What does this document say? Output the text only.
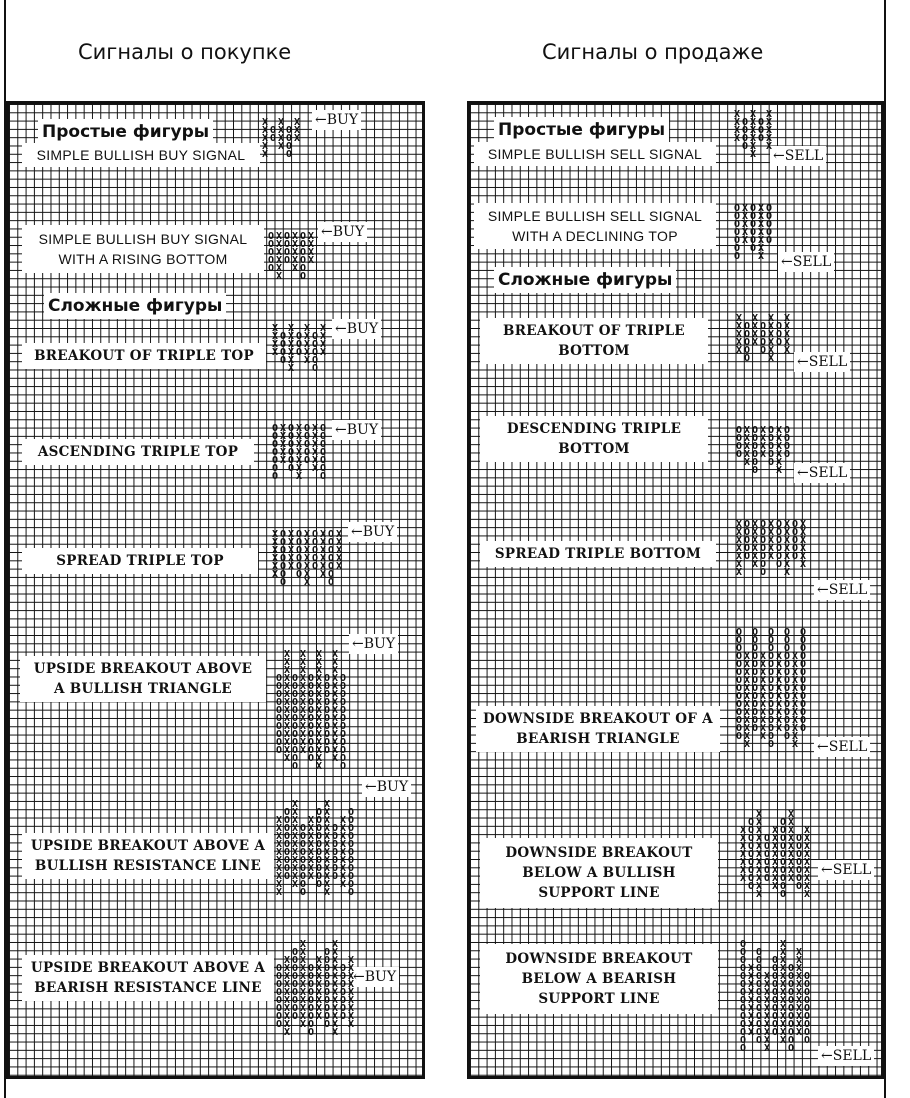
Сигналы о покупке	Сигналы о продаже
Простые фигуры
SIMPLE BULLISH BUY SIGNAL
SIMPLE BULLISH BUY SIGNAL
WITH A RISING BOTTOM
Сложные фигуры
BREAKOUT OF TRIPLE TOP
ASCENDING TRIPLE TOP
SPREAD TRIPLE TOP
UPSIDE BREAKOUT ABOVE
A BULLISH TRIANGLE
UPSIDE BREAKOUT ABOVE A
BULLISH RESISTANCE LINE
UPSIDE BREAKOUT ABOVE A
BEARISH RESISTANCE LINE
←BUY
←BUY
←BUY
←BUY
←BUY
←BUY
←BUY
←BUY
Простые фигуры
SIMPLE BULLISH SELL SIGNAL
SIMPLE BULLISH SELL SIGNAL
WITH A DECLINING TOP
Сложные фигуры
BREAKOUT OF TRIPLE
BOTTOM
DESCENDING TRIPLE
BOTTOM
SPREAD TRIPLE BOTTOM
DOWNSIDE BREAKOUT OF A
BEARISH TRIANGLE
DOWNSIDE BREAKOUT
BELOW A BULLISH
SUPPORT LINE
DOWNSIDE BREAKOUT
BELOW A BEARISH
SUPPORT LINE
←SELL
←SELL
←SELL
←SELL
←SELL
←SELL
←SELL
←SELL
X
X
X
X
X
O
O
X
X
X
X
O
O
O
O
X
X
X
O
O
O
O
O
X
X
X
X
X
X
O
O
O
O
X
X
X
X
X
O
O
O
O
O
O
X
X
X
X
X
X
X
X
O
O
O
O
X
X
X
X
X
X
O
O
O
X
X
X
X
X
O
O
O
O
O
X
X
X
X
O
O
O
O
O
O
O
X
X
X
X
X
O
O
O
O
O
O
X
X
X
X
X
X
X
O
O
O
O
O
X
X
X
X
X
X
O
O
O
O
O
O
O
X
X
X
X
X
X
O
O
O
O
O
O
O
X
X
X
X
X
O
O
O
O
O
O
X
X
X
X
X
X
X
O
O
O
O
O
X
X
X
X
X
X
O
O
O
O
O
O
O
X
X
X
X
X
O
O
O
O
O
O
O
O
O
O
X
X
X
X
X
X
X
X
X
X
X
X
X
X
O
O
O
O
O
O
O
O
O
O
O
O
X
X
X
X
X
X
X
X
X
X
X
X
X
O
O
O
O
O
O
O
O
O
O
O
X
X
X
X
X
X
X
X
X
X
X
X
X
X
X
O
O
O
O
O
O
O
O
O
O
X
X
X
X
X
X
X
X
X
X
X
X
X
X
O
O
O
O
O
O
O
O
O
O
O
O
X
X
X
X
X
X
X
X
X
X
O
O
O
O
O
O
O
O
O
X
X
X
X
X
X
X
X
X
X
X
O
O
O
O
O
O
O
O
O
X
X
X
X
X
X
X
X
O
O
O
O
O
O
O
O
O
O
X
X
X
X
X
X
X
X
X
X
X
X
O
O
O
O
O
O
O
X
X
X
X
X
X
X
X
X
O
O
O
O
O
O
O
O
O
O
O
O
O
O
O
O
O
O
O
X
X
X
X
X
X
X
X
X
X
O
O
O
O
O
O
O
O
O
X
X
X
X
X
X
X
X
X
X
X
O
O
O
O
O
O
O
O
O
X
X
X
X
X
X
X
X
O
O
O
O
O
O
O
O
O
O
X
X
X
X
X
X
X
X
X
X
X
X
O
O
O
O
O
O
O
X
X
X
X
X
X
X
X
X
X
X
X
X
O
O
O
O
X
X
X
X
X
X
O
O
O
X
X
X
X
X
O
O
O
O
O
O
O
X
X
X
X
X
O
O
O
O
O
O
X
X
X
X
X
X
X
O
O
O
O
O
X
X
X
X
X
O
O
O
O
O
X
X
X
X
O
O
O
O
X
X
X
X
X
X
O
O
O
X
X
X
X
X
O
O
O
O
X
X
X
X
X
O
O
O
O
O
O
X
X
X
X
O
O
O
O
O
X
X
X
X
X
X
O
O
O
O
X
X
X
X
X
X
X
O
O
O
O
O
X
X
X
X
X
X
O
O
O
O
O
O
O
X
X
X
X
X
O
O
O
O
O
O
X
X
X
X
X
X
X
O
O
O
O
O
X
X
X
X
X
X
O
O
O
O
O
O
O
O
O
O
O
O
O
O
X
X
X
X
X
X
X
X
X
X
X
X
O
O
O
O
O
O
O
O
O
O
O
O
O
X
X
X
X
X
X
X
X
X
X
X
O
O
O
O
O
O
O
O
O
O
O
O
O
O
O
X
X
X
X
X
X
X
X
X
X
O
O
O
O
O
O
O
O
O
O
O
O
O
O
X
X
X
X
X
X
X
X
X
X
X
X
O
O
O
O
O
O
O
O
O
O
O
O
O
X
X
X
X
X
X
X
O
O
O
O
O
O
O
O
O
X
X
X
X
X
X
X
X
X
X
X
O
O
O
O
O
O
X
X
X
X
X
X
X
X
O
O
O
O
O
O
O
O
O
O
X
X
X
X
X
X
X
X
X
O
O
O
O
O
O
O
X
X
X
X
X
X
X
X
X
O
O
O
O
O
O
O
O
O
O
O
O
O
O
X
X
X
X
X
X
X
X
X
O
O
O
O
O
O
O
O
O
O
O
O
X
X
X
X
X
X
X
X
X
X
O
O
O
O
O
O
O
O
O
O
X
X
X
X
X
X
X
X
X
X
X
X
X
O
O
O
O
O
O
O
O
O
O
O
X
X
X
X
X
X
X
X
X
X
X
O
O
O
O
O
O
O
O
O
